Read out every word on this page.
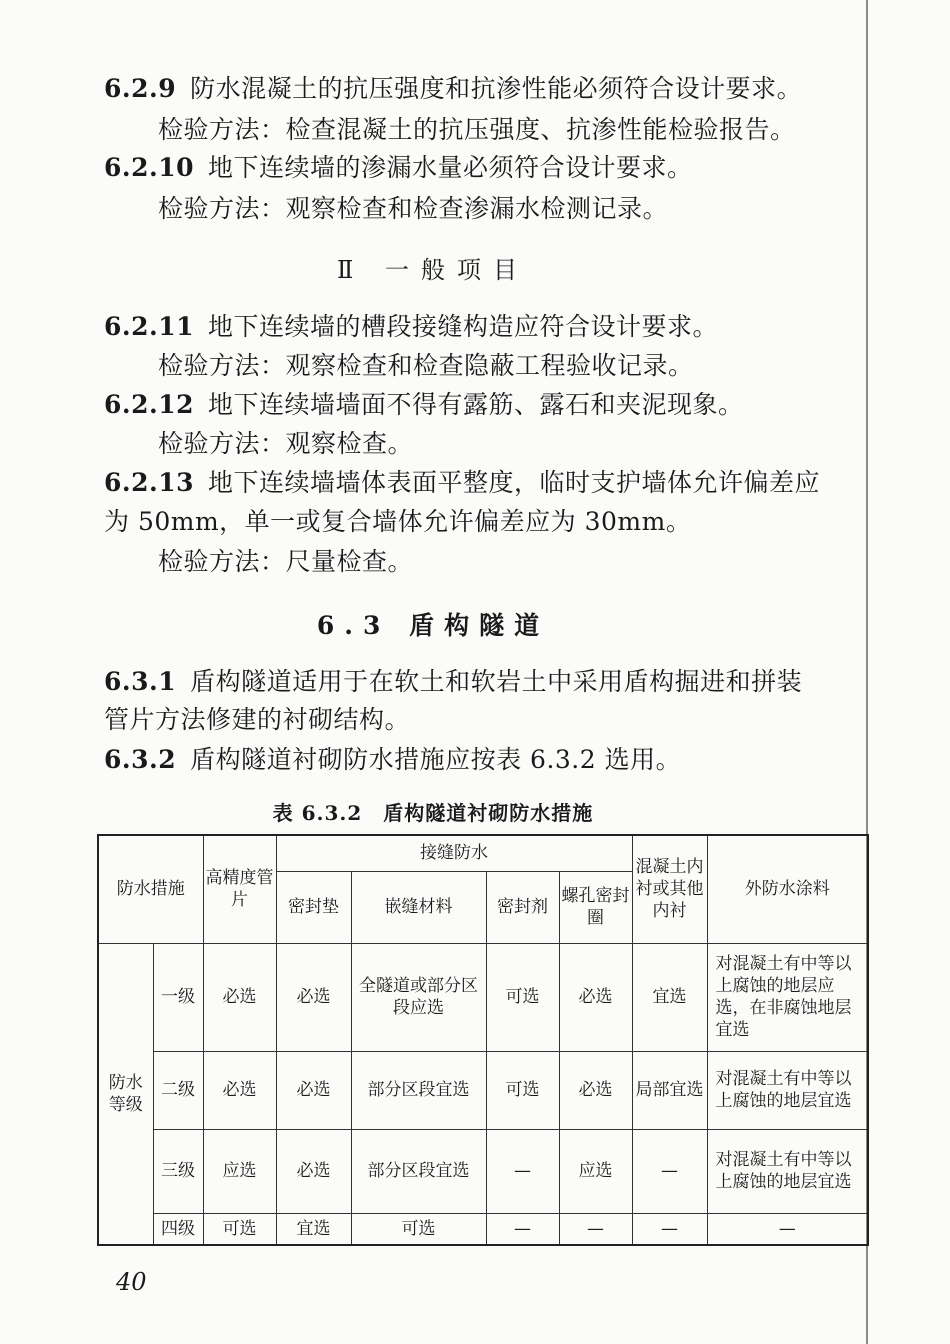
6.2.9 防水混凝土的抗压强度和抗渗性能必须符合设计要求。
检验方法：检查混凝土的抗压强度、抗渗性能检验报告。
6.2.10 地下连续墙的渗漏水量必须符合设计要求。
检验方法：观察检查和检查渗漏水检测记录。
Ⅱ 一般项目
6.2.11 地下连续墙的槽段接缝构造应符合设计要求。
检验方法：观察检查和检查隐蔽工程验收记录。
6.2.12 地下连续墙墙面不得有露筋、露石和夹泥现象。
检验方法：观察检查。
6.2.13 地下连续墙墙体表面平整度，临时支护墙体允许偏差应
为 50mm，单一或复合墙体允许偏差应为 30mm。
检验方法：尺量检查。
6.3 盾构隧道
6.3.1 盾构隧道适用于在软土和软岩土中采用盾构掘进和拼装
管片方法修建的衬砌结构。
6.3.2 盾构隧道衬砌防水措施应按表 6.3.2 选用。
表 6.3.2　盾构隧道衬砌防水措施
防水措施		高精度管片	接缝防水				混凝土内衬或其他内衬	外防水涂料
			密封垫	嵌缝材料	密封剂	螺孔密封圈		
防水等级	一级	必选	必选	全隧道或部分区段应选	可选	必选	宜选	对混凝土有中等以上腐蚀的地层应选，在非腐蚀地层宜选
	二级	必选	必选	部分区段宜选	可选	必选	局部宜选	对混凝土有中等以上腐蚀的地层宜选
	三级	应选	必选	部分区段宜选	—	应选	—	对混凝土有中等以上腐蚀的地层宜选
	四级	可选	宜选	可选	—	—	—	—
40
